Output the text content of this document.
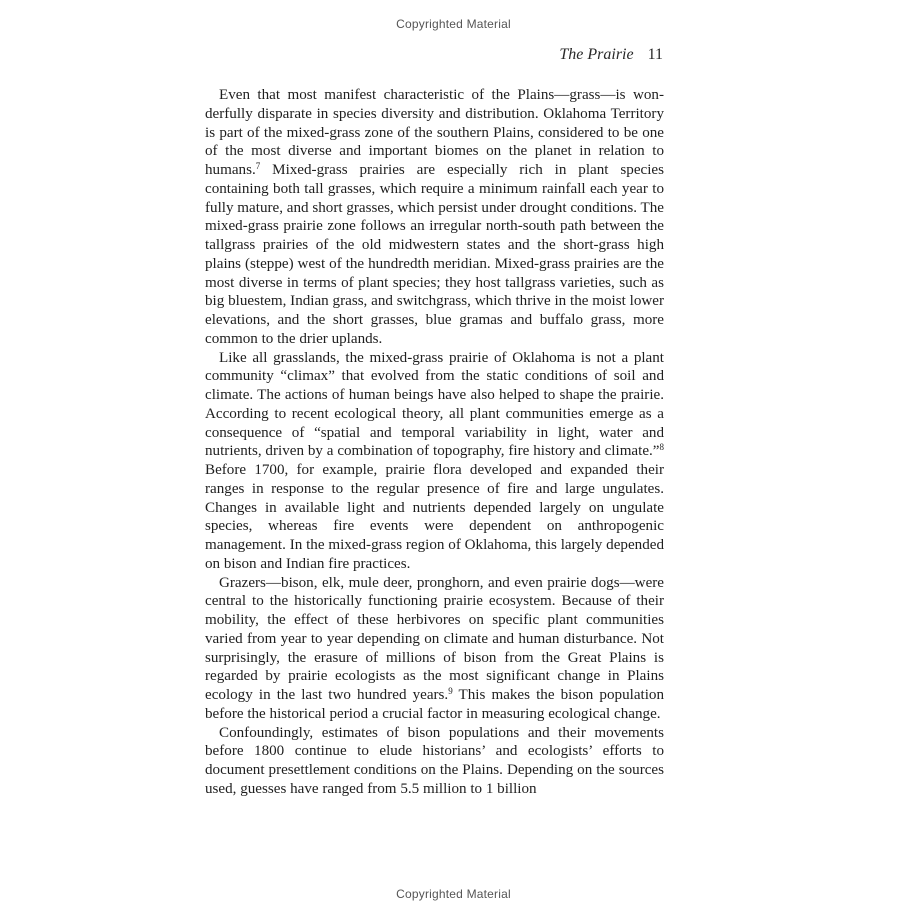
Copyrighted Material
The Prairie 11

Even that most manifest characteristic of the Plains—grass—is wonderfully disparate in species diversity and distribution. Oklahoma Territory is part of the mixed-grass zone of the southern Plains, considered to be one of the most diverse and important biomes on the planet in relation to humans.$^7$ Mixed-grass prairies are especially rich in plant species containing both tall grasses, which require a minimum rainfall each year to fully mature, and short grasses, which persist under drought conditions. The mixed-grass prairie zone follows an irregular north-south path between the tallgrass prairies of the old midwestern states and the short-grass high plains (steppe) west of the hundredth meridian. Mixed-grass prairies are the most diverse in terms of plant species; they host tallgrass varieties, such as big bluestem, Indian grass, and switchgrass, which thrive in the moist lower elevations, and the short grasses, blue gramas and buffalo grass, more common to the drier uplands.

Like all grasslands, the mixed-grass prairie of Oklahoma is not a plant community “climax” that evolved from the static conditions of soil and climate. The actions of human beings have also helped to shape the prairie. According to recent ecological theory, all plant communities emerge as a consequence of “spatial and temporal variability in light, water and nutrients, driven by a combination of topography, fire history and climate.”$^8$ Before 1700, for example, prairie flora developed and expanded their ranges in response to the regular presence of fire and large ungulates. Changes in available light and nutrients depended largely on ungulate species, whereas fire events were dependent on anthropogenic management. In the mixed-grass region of Oklahoma, this largely depended on bison and Indian fire practices.

Grazers—bison, elk, mule deer, pronghorn, and even prairie dogs—were central to the historically functioning prairie ecosystem. Because of their mobility, the effect of these herbivores on specific plant communities varied from year to year depending on climate and human disturbance. Not surprisingly, the erasure of millions of bison from the Great Plains is regarded by prairie ecologists as the most significant change in Plains ecology in the last two hundred years.$^9$ This makes the bison population before the historical period a crucial factor in measuring ecological change.

Confoundingly, estimates of bison populations and their movements before 1800 continue to elude historians’ and ecologists’ efforts to document presettlement conditions on the Plains. Depending on the sources used, guesses have ranged from 5.5 million to 1 billion

Copyrighted Material
